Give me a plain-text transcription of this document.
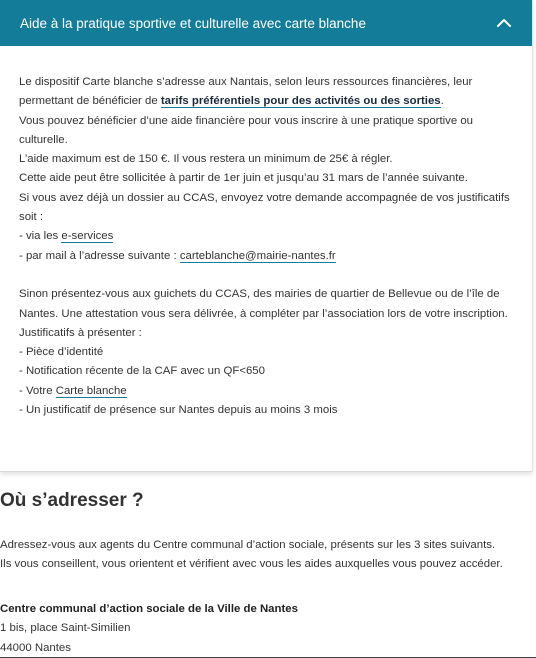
Aide à la pratique sportive et culturelle avec carte blanche

Le dispositif Carte blanche s’adresse aux Nantais, selon leurs ressources financières, leur permettant de bénéficier de tarifs préférentiels pour des activités ou des sorties.

Vous pouvez bénéficier d’une aide financière pour vous inscrire à une pratique sportive ou culturelle.

L’aide maximum est de 150 €. Il vous restera un minimum de 25€ à régler.

Cette aide peut être sollicitée à partir de 1er juin et jusqu’au 31 mars de l’année suivante.

Si vous avez déjà un dossier au CCAS, envoyez votre demande accompagnée de vos justificatifs soit :

- via les e-services

- par mail à l’adresse suivante : carteblanche@mairie-nantes.fr

Sinon présentez-vous aux guichets du CCAS, des mairies de quartier de Bellevue ou de l’île de Nantes. Une attestation vous sera délivrée, à compléter par l’association lors de votre inscription.

Justificatifs à présenter :

- Pièce d’identité

- Notification récente de la CAF avec un QF<650

- Votre Carte blanche

- Un justificatif de présence sur Nantes depuis au moins 3 mois

Où s’adresser ?

Adressez-vous aux agents du Centre communal d’action sociale, présents sur les 3 sites suivants.

Ils vous conseillent, vous orientent et vérifient avec vous les aides auxquelles vous pouvez accéder.

Centre communal d’action sociale de la Ville de Nantes

1 bis, place Saint-Similien

44000 Nantes
